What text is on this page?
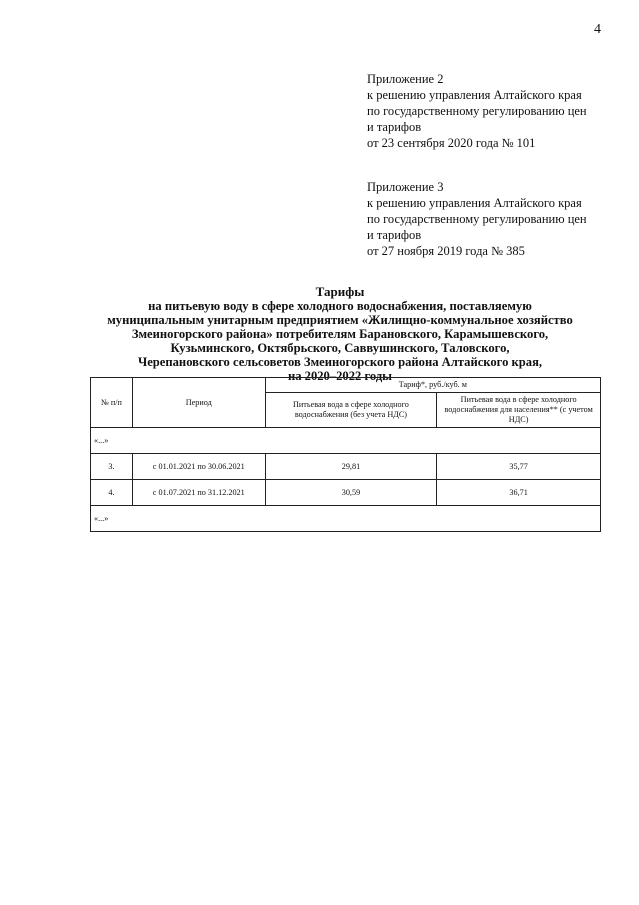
4
Приложение 2
к решению управления Алтайского края
по государственному регулированию цен
и тарифов
от 23 сентября 2020 года № 101
Приложение 3
к решению управления Алтайского края
по государственному регулированию цен
и тарифов
от 27 ноября 2019 года № 385
Тарифы
на питьевую воду в сфере холодного водоснабжения, поставляемую
муниципальным унитарным предприятием «Жилищно-коммунальное хозяйство
Змеиногорского района» потребителям Барановского, Карамышевского,
Кузьминского, Октябрьского, Саввушинского, Таловского,
Черепановского сельсоветов Змеиногорского района Алтайского края,
на 2020–2022 годы
№ п/п	Период	Тариф*, руб./куб. м	
		Питьевая вода в сфере холодного водоснабжения (без учета НДС)	Питьевая вода в сфере холодного водоснабжения для населения** (с учетом НДС)
«...»			
3.	с 01.01.2021 по 30.06.2021	29,81	35,77
4.	с 01.07.2021 по 31.12.2021	30,59	36,71
«...»			
